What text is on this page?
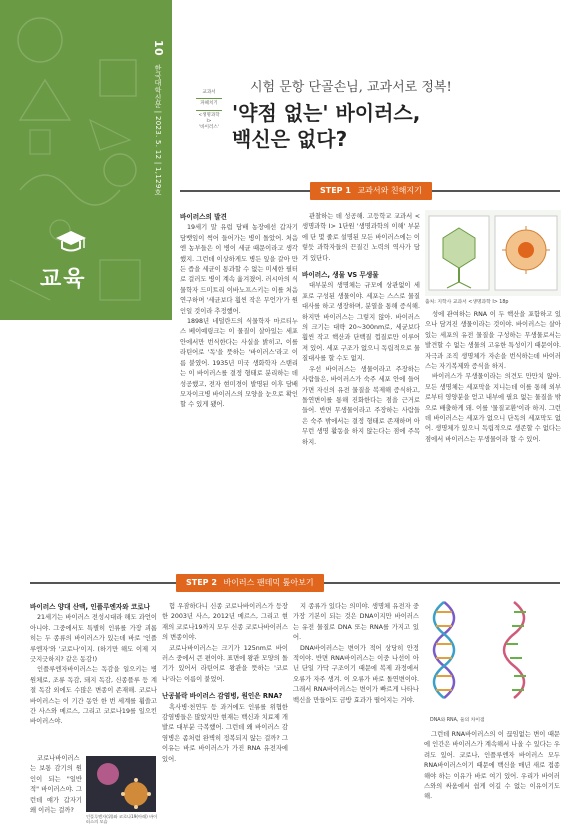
10 한국대학신문 | 2023. 5. 12 | 1,129호
교육
시험 문항 단골손님, 교과서로 정복!
교과서
파헤치기
<생명과학 I>
'바이러스'
'약점 없는' 바이러스,
백신은 없다?
STEP 1 교과서와 친해지기
바이러스의 발견

19세기 말 유럽 담배 농장에선 갑자기 담뱃잎이 썩어 들어가는 병이 돌았어. 처음엔 농부들은 이 병이 세균 때문이라고 생각했지. 그런데 이상하게도 병든 잎을 갈아 만든 즙을 세균이 통과할 수 없는 미세한 필터로 걸러도 병이 계속 옮겨졌어. 러시아의 식물학자 드미트리 이바노프스키는 이를 처음 연구하며 '세균보다 훨씬 작은 무언가'가 원인일 것이라 추정했어.

1898년 네덜란드의 식물학자 마르티누스 베이예링크는 이 물질이 살아있는 세포 안에서만 번식한다는 사실을 밝히고, 이를 라틴어로 '독'을 뜻하는 '바이러스'라고 이름 붙였어. 1935년 미국 생화학자 스탠리는 이 바이러스를 결정 형태로 분리하는 데 성공했고, 전자 현미경이 발명된 이후 담배모자이크병 바이러스의 모양을 눈으로 확인할 수 있게 됐어.

관찰하는 데 성공해. 고등학교 교과서 <생명과학 I> 1단원 '생명과학의 이해' 부분에 단 몇 줄로 설명된 모든 바이러스에는 이렇듯 과학자들의 끈질긴 노력의 역사가 담겨 있단다.

바이러스, 생물 VS 무생물

대부분의 생명체는 규모에 상관없이 세포로 구성된 생물이야. 세포는 스스로 물질대사를 하고 생장하며, 분열을 통해 증식해. 하지만 바이러스는 그렇지 않아. 바이러스의 크기는 대략 20~300nm로, 세균보다 훨씬 작고 핵산과 단백질 껍질로만 이루어져 있어. 세포 구조가 없으니 독립적으로 물질대사를 할 수도 없지.

우선 바이러스는 생물이라고 주장하는 사람들은, 바이러스가 숙주 세포 안에 들어가면 자신의 유전 물질을 복제해 증식하고, 돌연변이를 통해 진화한다는 점을 근거로 들어. 반면 무생물이라고 주장하는 사람들은 숙주 밖에서는 결정 형태로 존재하며 아무런 생명 활동을 하지 않는다는 점에 주목하지.

출처: 지학사 교과서 <생명과학 I> 18p

성에 관여하는 RNA 이 두 핵산을 포함하고 있으나 담겨진 생물이라는 것이야. 바이러스는 살아 있는 세포의 유전 물질을 구성하는 무생물로서는 발견할 수 없는 생물의 고유한 특성이기 때문이야. 자극과 조직 생명체가 자손을 번식하는데 바이러스는 자기복제와 증식을 하지.

바이러스가 무생물이라는 의견도 만만치 않아. 모든 생명체는 세포막을 지니는데 이를 통해 외부로부터 영양분을 얻고 내부에 필요 없는 물질을 밖으로 배출하게 돼. 이를 '물질교환'이라 하지. 그런데 바이러스는 세포가 없으니 단독의 세포막도 없어. 생명체가 있으니 독립적으로 생존할 수 없다는 점에서 바이러스는 무생물이라 할 수 있어.

STEP 2 바이러스 팬데믹 톺아보기
바이러스 양대 산맥, 인플루엔자와 코로나

21세기는 바이러스 전성시대라 해도 과언이 아니야. 그중에서도 특별히 인류를 가장 괴롭히는 두 종류의 바이러스가 있는데 바로 '인플루엔자'와 '코로나'이지. (하기만 해도 이제 지긋지긋하지? 같은 동감!)

인플루엔자바이러스는 독감을 일으키는 병원체로, 조류 독감, 돼지 독감, 신종플루 등 계절 독감 외에도 수많은 변종이 존재해. 코로나바이러스는 이 기간 동안 한 번 세계를 휩쓸고 간 사스와 메르스, 그리고 코로나19를 일으킨 바이러스야.

코로나바이러스는 보통 감기의 원인이 되는 "일반적" 바이러스야. 그런데 얘가 갑자기 왜 이러는 걸까?

인플루엔자(위)와 코로나19(아래) 바이러스의 모습

험 우잠하다니 신종 코로나바이러스가 등장한 2003년 사스, 2012년 메르스, 그리고 현재의 코로나19까지 모두 신종 코로나바이러스의 변종이야.

코로나바이러스는 크기가 125nm로 바이러스 중에서 큰 편이야. 표면에 왕관 모양의 돌기가 있어서 라틴어로 왕관을 뜻하는 '코로나'라는 이름이 붙었어.

난공불락 바이러스 감염병, 원인은 RNA?

흑사병·천연두 등 과거에도 인류를 위협한 감염병들은 많았지만 현재는 백신과 치료제 개발로 대부분 극복했어. 그런데 왜 바이러스 감염병은 좀처럼 완벽히 정복되지 않는 걸까? 그 이유는 바로 바이러스가 가진 RNA 유전자에 있어.

지 종류가 있다는 의미야. 생명체 유전자 중 가장 기본이 되는 것은 DNA이지만 바이러스는 유전 물질로 DNA 또는 RNA를 가지고 있어.

DNA바이러스는 변이가 적어 상당히 안정적이야. 반면 RNA바이러스는 이중 나선이 아닌 단일 가닥 구조이기 때문에 복제 과정에서 오류가 자주 생겨. 이 오류가 바로 돌연변이야. 그래서 RNA바이러스는 변이가 빠르게 나타나 백신을 만들어도 금방 효과가 떨어지는 거야.

DNA와 RNA, 둘의 차이점

그런데 RNA바이러스의 이 끊임없는 변이 때문에 인간은 바이러스가 계속해서 나올 수 있다는 우려도 있어. 코로나, 인플루엔자 바이러스 모두 RNA바이러스이기 때문에 백신을 매년 새로 접종해야 하는 이유가 바로 여기 있어. 우리가 바이러스와의 싸움에서 쉽게 이길 수 없는 이유이기도 해.
